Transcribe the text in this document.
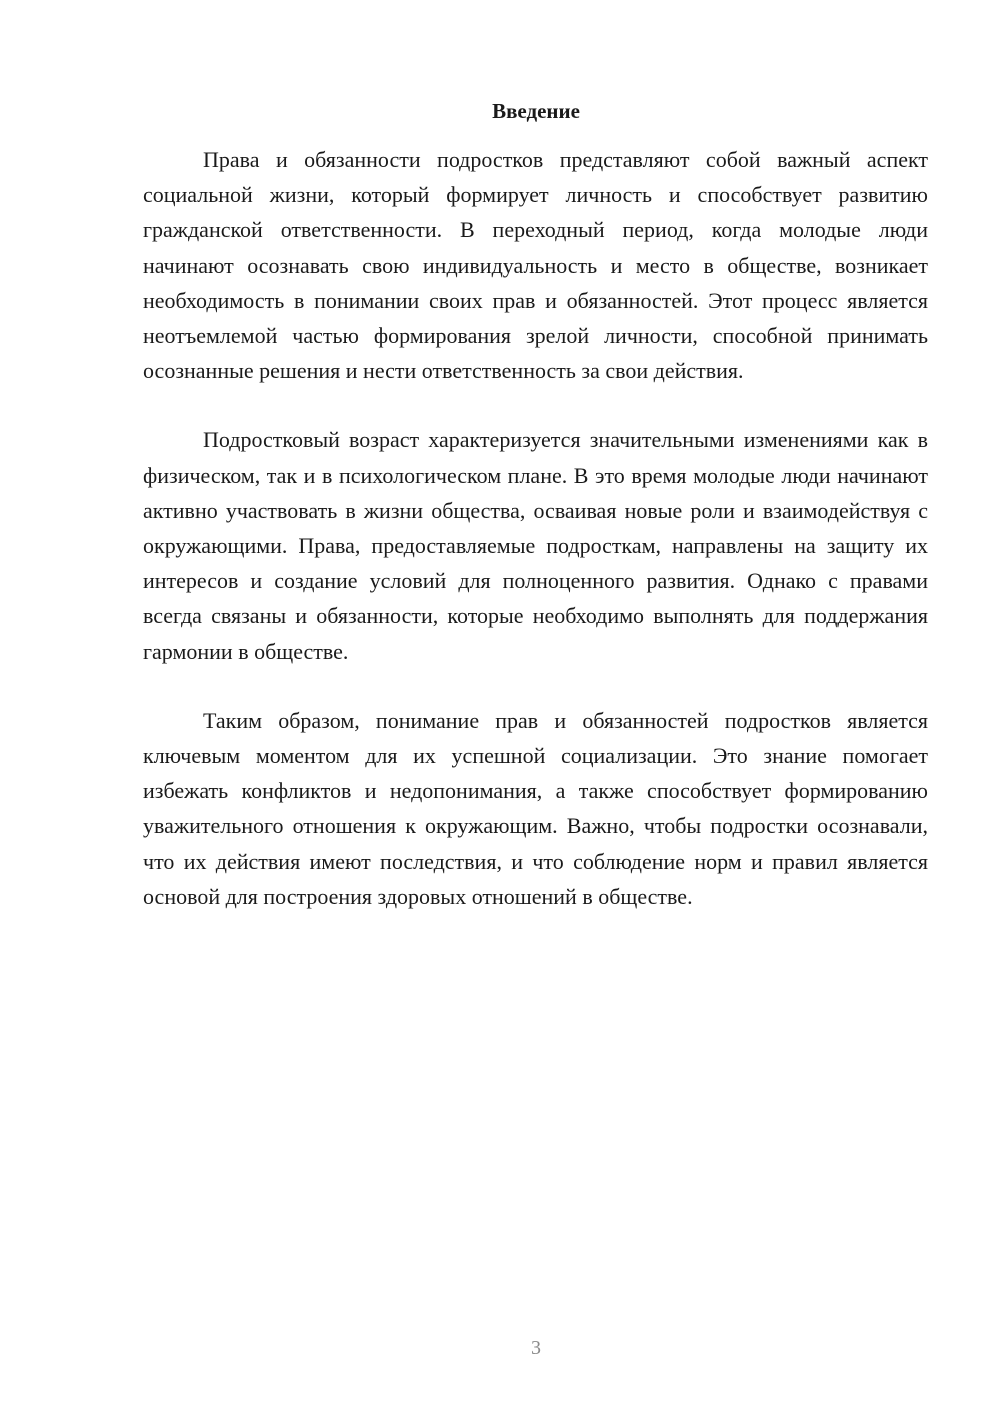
Введение

Права и обязанности подростков представляют собой важный аспект социальной жизни, который формирует личность и способствует развитию гражданской ответственности. В переходный период, когда молодые люди начинают осознавать свою индивидуальность и место в обществе, возникает необходимость в понимании своих прав и обязанностей. Этот процесс является неотъемлемой частью формирования зрелой личности, способной принимать осознанные решения и нести ответственность за свои действия.

Подростковый возраст характеризуется значительными изменениями как в физическом, так и в психологическом плане. В это время молодые люди начинают активно участвовать в жизни общества, осваивая новые роли и взаимодействуя с окружающими. Права, предоставляемые подросткам, направлены на защиту их интересов и создание условий для полноценного развития. Однако с правами всегда связаны и обязанности, которые необходимо выполнять для поддержания гармонии в обществе.

Таким образом, понимание прав и обязанностей подростков является ключевым моментом для их успешной социализации. Это знание помогает избежать конфликтов и недопонимания, а также способствует формированию уважительного отношения к окружающим. Важно, чтобы подростки осознавали, что их действия имеют последствия, и что соблюдение норм и правил является основой для построения здоровых отношений в обществе.

3
